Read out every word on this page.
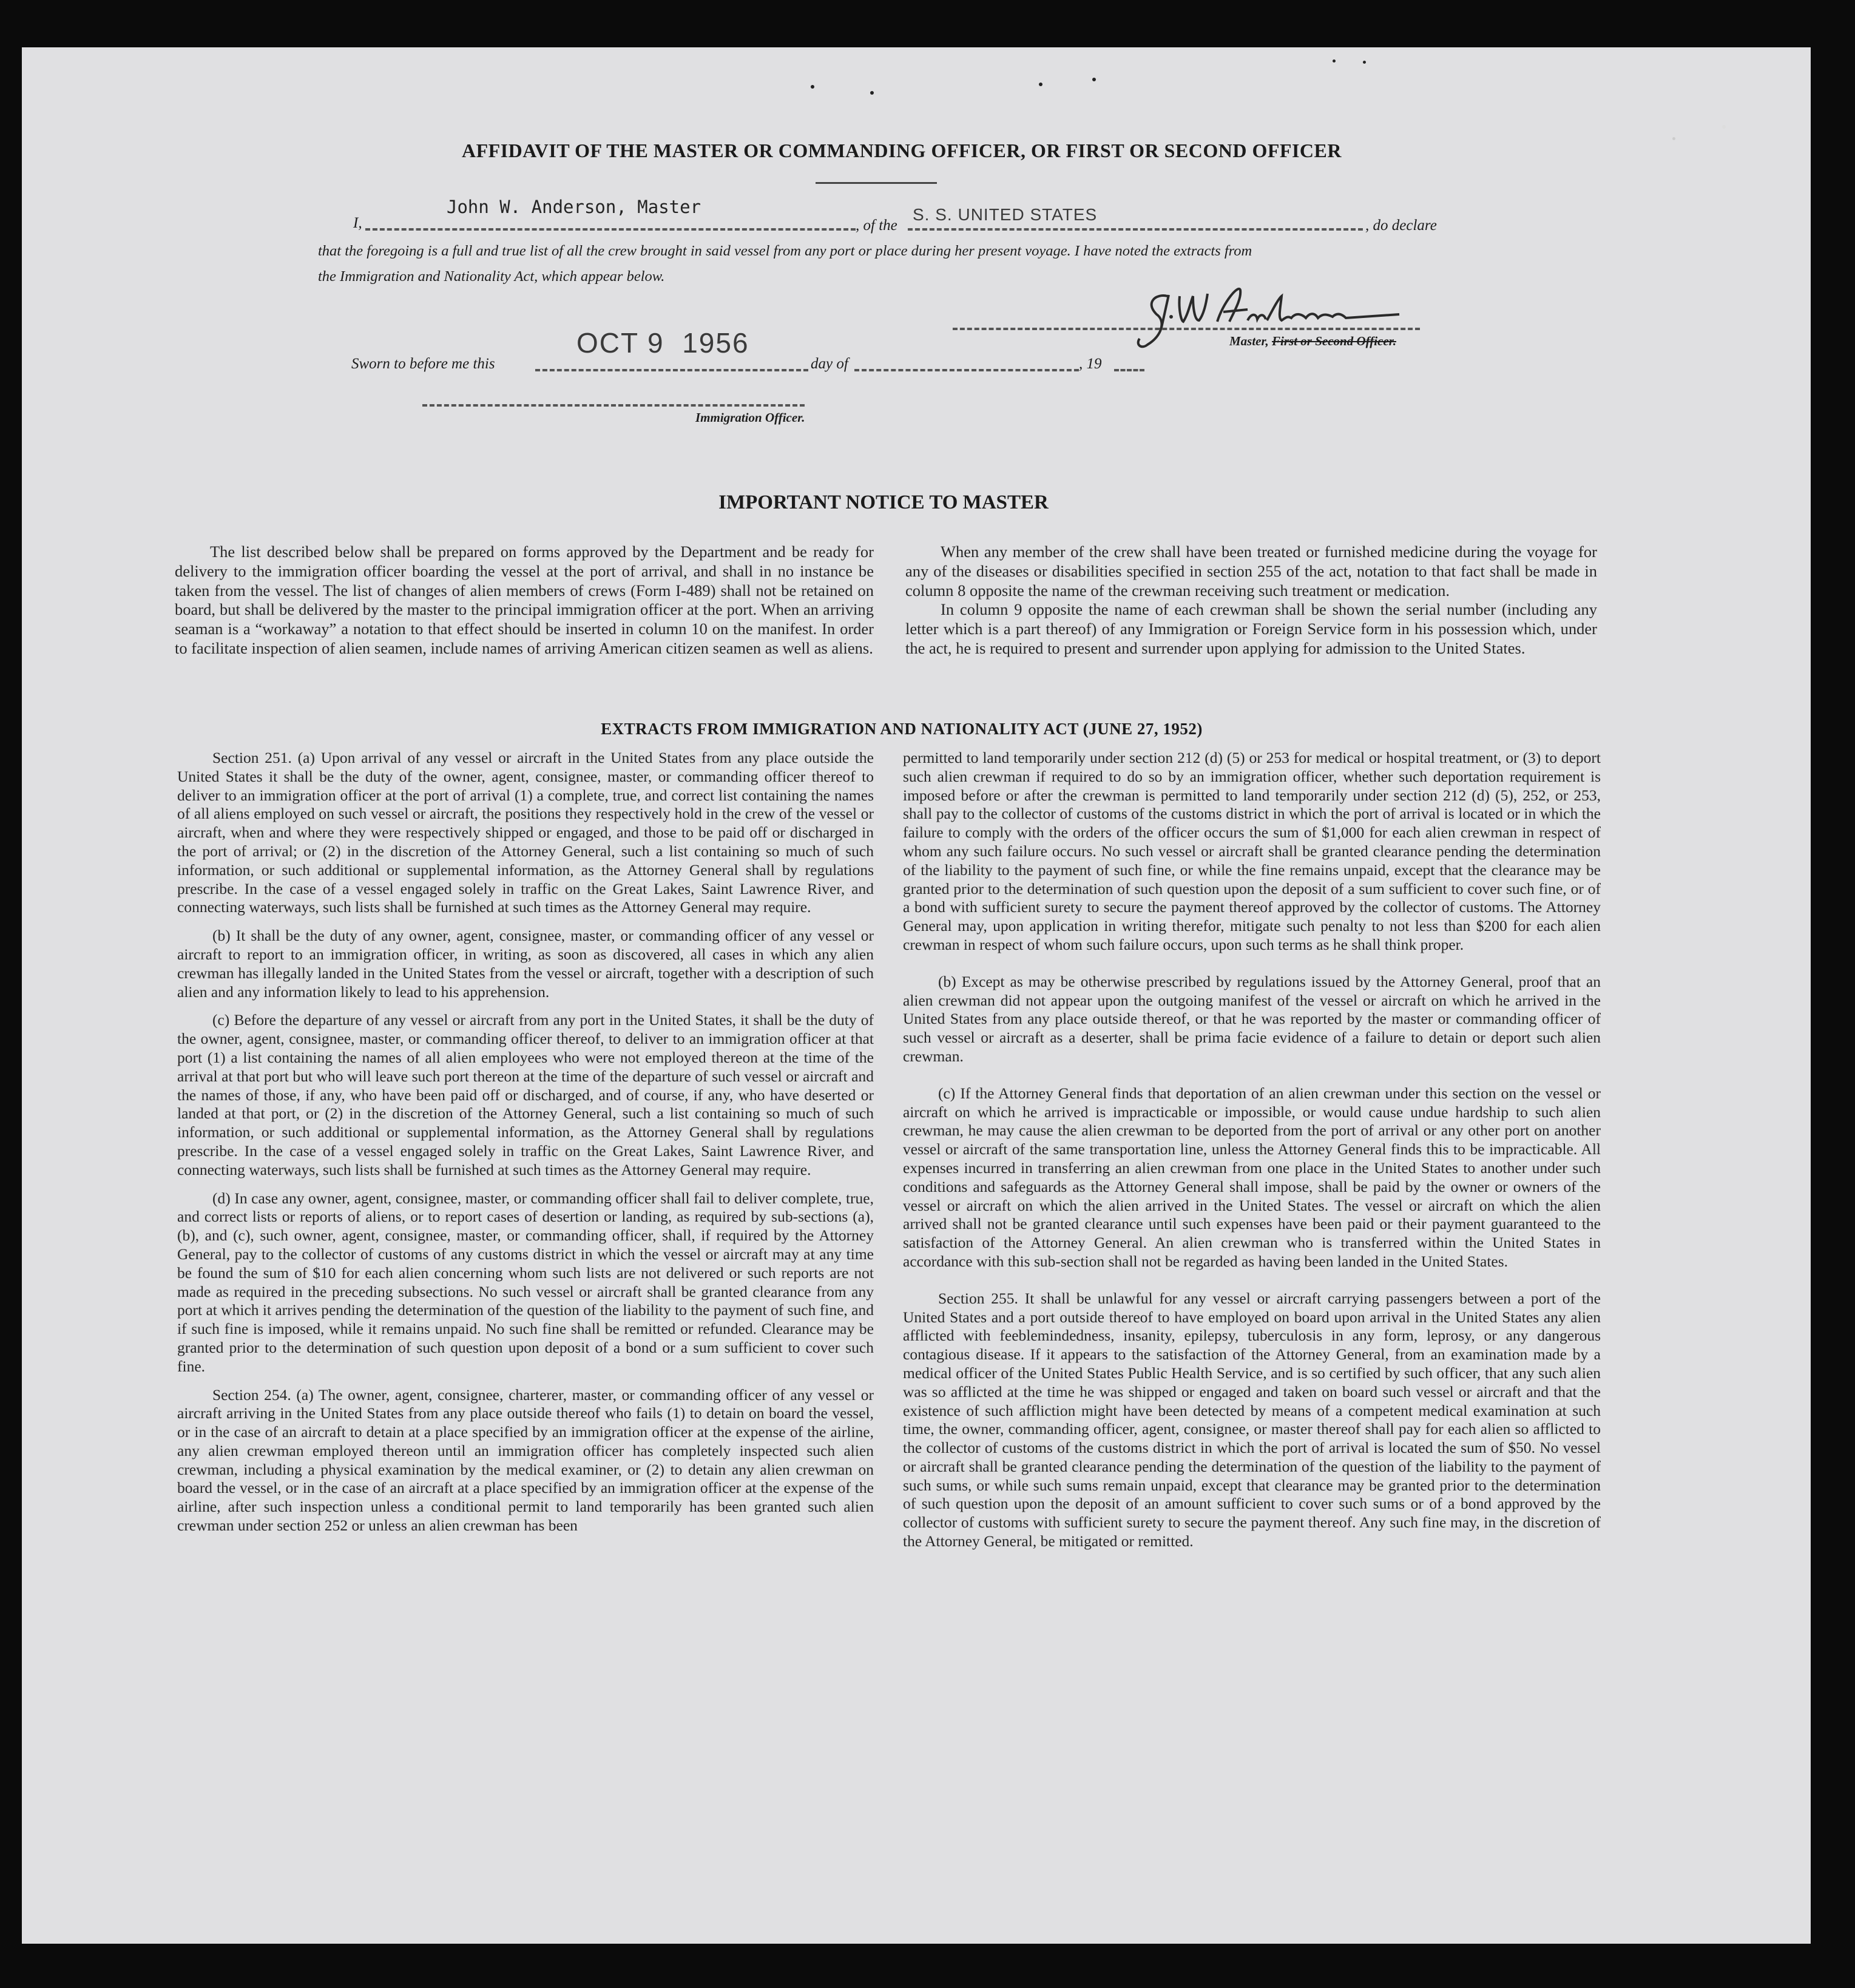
AFFIDAVIT OF THE MASTER OR COMMANDING OFFICER, OR FIRST OR SECOND OFFICER
I,
John W. Anderson, Master
, of the
S. S. UNITED STATES
, do declare
that the foregoing is a full and true list of all the crew brought in said vessel from any port or place during her present voyage. I have noted the extracts from
the Immigration and Nationality Act, which appear below.
Master, First or Second Officer.
Sworn to before me this
OCT 9  1956
day of	, 19
Immigration Officer.
IMPORTANT NOTICE TO MASTER

The list described below shall be prepared on forms approved by the Department and be ready for delivery to the immigration officer boarding the vessel at the port of arrival, and shall in no instance be taken from the vessel. The list of changes of alien members of crews (Form I-489) shall not be retained on board, but shall be delivered by the master to the principal immigration officer at the port. When an arriving seaman is a “workaway” a notation to that effect should be inserted in column 10 on the manifest. In order to facilitate inspection of alien seamen, include names of arriving American citizen seamen as well as aliens.

When any member of the crew shall have been treated or furnished medicine during the voyage for any of the diseases or disabilities specified in section 255 of the act, notation to that fact shall be made in column 8 opposite the name of the crewman receiving such treatment or medication.

In column 9 opposite the name of each crewman shall be shown the serial number (including any letter which is a part thereof) of any Immigration or Foreign Service form in his possession which, under the act, he is required to present and surrender upon applying for admission to the United States.

EXTRACTS FROM IMMIGRATION AND NATIONALITY ACT (JUNE 27, 1952)

Section 251. (a) Upon arrival of any vessel or aircraft in the United States from any place outside the United States it shall be the duty of the owner, agent, consignee, master, or commanding officer thereof to deliver to an immigration officer at the port of arrival (1) a complete, true, and correct list containing the names of all aliens employed on such vessel or aircraft, the positions they respectively hold in the crew of the vessel or aircraft, when and where they were respectively shipped or engaged, and those to be paid off or discharged in the port of arrival; or (2) in the discretion of the Attorney General, such a list containing so much of such information, or such additional or supplemental information, as the Attorney General shall by regulations prescribe. In the case of a vessel engaged solely in traffic on the Great Lakes, Saint Lawrence River, and connecting waterways, such lists shall be furnished at such times as the Attorney General may require.

(b) It shall be the duty of any owner, agent, consignee, master, or commanding officer of any vessel or aircraft to report to an immigration officer, in writing, as soon as discovered, all cases in which any alien crewman has illegally landed in the United States from the vessel or aircraft, together with a description of such alien and any information likely to lead to his apprehension.

(c) Before the departure of any vessel or aircraft from any port in the United States, it shall be the duty of the owner, agent, consignee, master, or commanding officer thereof, to deliver to an immigration officer at that port (1) a list containing the names of all alien employees who were not employed thereon at the time of the arrival at that port but who will leave such port thereon at the time of the departure of such vessel or aircraft and the names of those, if any, who have been paid off or discharged, and of course, if any, who have deserted or landed at that port, or (2) in the discretion of the Attorney General, such a list containing so much of such information, or such additional or supplemental information, as the Attorney General shall by regulations prescribe. In the case of a vessel engaged solely in traffic on the Great Lakes, Saint Lawrence River, and connecting waterways, such lists shall be furnished at such times as the Attorney General may require.

(d) In case any owner, agent, consignee, master, or commanding officer shall fail to deliver complete, true, and correct lists or reports of aliens, or to report cases of desertion or landing, as required by sub-sections (a), (b), and (c), such owner, agent, consignee, master, or commanding officer, shall, if required by the Attorney General, pay to the collector of customs of any customs district in which the vessel or aircraft may at any time be found the sum of $10 for each alien concerning whom such lists are not delivered or such reports are not made as required in the preceding subsections. No such vessel or aircraft shall be granted clearance from any port at which it arrives pending the determination of the question of the liability to the payment of such fine, and if such fine is imposed, while it remains unpaid. No such fine shall be remitted or refunded. Clearance may be granted prior to the determination of such question upon deposit of a bond or a sum sufficient to cover such fine.

Section 254. (a) The owner, agent, consignee, charterer, master, or commanding officer of any vessel or aircraft arriving in the United States from any place outside thereof who fails (1) to detain on board the vessel, or in the case of an aircraft to detain at a place specified by an immigration officer at the expense of the airline, any alien crewman employed thereon until an immigration officer has completely inspected such alien crewman, including a physical examination by the medical examiner, or (2) to detain any alien crewman on board the vessel, or in the case of an aircraft at a place specified by an immigration officer at the expense of the airline, after such inspection unless a conditional permit to land temporarily has been granted such alien crewman under section 252 or unless an alien crewman has been

permitted to land temporarily under section 212 (d) (5) or 253 for medical or hospital treatment, or (3) to deport such alien crewman if required to do so by an immigration officer, whether such deportation requirement is imposed before or after the crewman is permitted to land temporarily under section 212 (d) (5), 252, or 253, shall pay to the collector of customs of the customs district in which the port of arrival is located or in which the failure to comply with the orders of the officer occurs the sum of $1,000 for each alien crewman in respect of whom any such failure occurs. No such vessel or aircraft shall be granted clearance pending the determination of the liability to the payment of such fine, or while the fine remains unpaid, except that the clearance may be granted prior to the determination of such question upon the deposit of a sum sufficient to cover such fine, or of a bond with sufficient surety to secure the payment thereof approved by the collector of customs. The Attorney General may, upon application in writing therefor, mitigate such penalty to not less than $200 for each alien crewman in respect of whom such failure occurs, upon such terms as he shall think proper.

(b) Except as may be otherwise prescribed by regulations issued by the Attorney General, proof that an alien crewman did not appear upon the outgoing manifest of the vessel or aircraft on which he arrived in the United States from any place outside thereof, or that he was reported by the master or commanding officer of such vessel or aircraft as a deserter, shall be prima facie evidence of a failure to detain or deport such alien crewman.

(c) If the Attorney General finds that deportation of an alien crewman under this section on the vessel or aircraft on which he arrived is impracticable or impossible, or would cause undue hardship to such alien crewman, he may cause the alien crewman to be deported from the port of arrival or any other port on another vessel or aircraft of the same transportation line, unless the Attorney General finds this to be impracticable. All expenses incurred in transferring an alien crewman from one place in the United States to another under such conditions and safeguards as the Attorney General shall impose, shall be paid by the owner or owners of the vessel or aircraft on which the alien arrived in the United States. The vessel or aircraft on which the alien arrived shall not be granted clearance until such expenses have been paid or their payment guaranteed to the satisfaction of the Attorney General. An alien crewman who is transferred within the United States in accordance with this sub-section shall not be regarded as having been landed in the United States.

Section 255. It shall be unlawful for any vessel or aircraft carrying passengers between a port of the United States and a port outside thereof to have employed on board upon arrival in the United States any alien afflicted with feeblemindedness, insanity, epilepsy, tuberculosis in any form, leprosy, or any dangerous contagious disease. If it appears to the satisfaction of the Attorney General, from an examination made by a medical officer of the United States Public Health Service, and is so certified by such officer, that any such alien was so afflicted at the time he was shipped or engaged and taken on board such vessel or aircraft and that the existence of such affliction might have been detected by means of a competent medical examination at such time, the owner, commanding officer, agent, consignee, or master thereof shall pay for each alien so afflicted to the collector of customs of the customs district in which the port of arrival is located the sum of $50. No vessel or aircraft shall be granted clearance pending the determination of the question of the liability to the payment of such sums, or while such sums remain unpaid, except that clearance may be granted prior to the determination of such question upon the deposit of an amount sufficient to cover such sums or of a bond approved by the collector of customs with sufficient surety to secure the payment thereof. Any such fine may, in the discretion of the Attorney General, be mitigated or remitted.
